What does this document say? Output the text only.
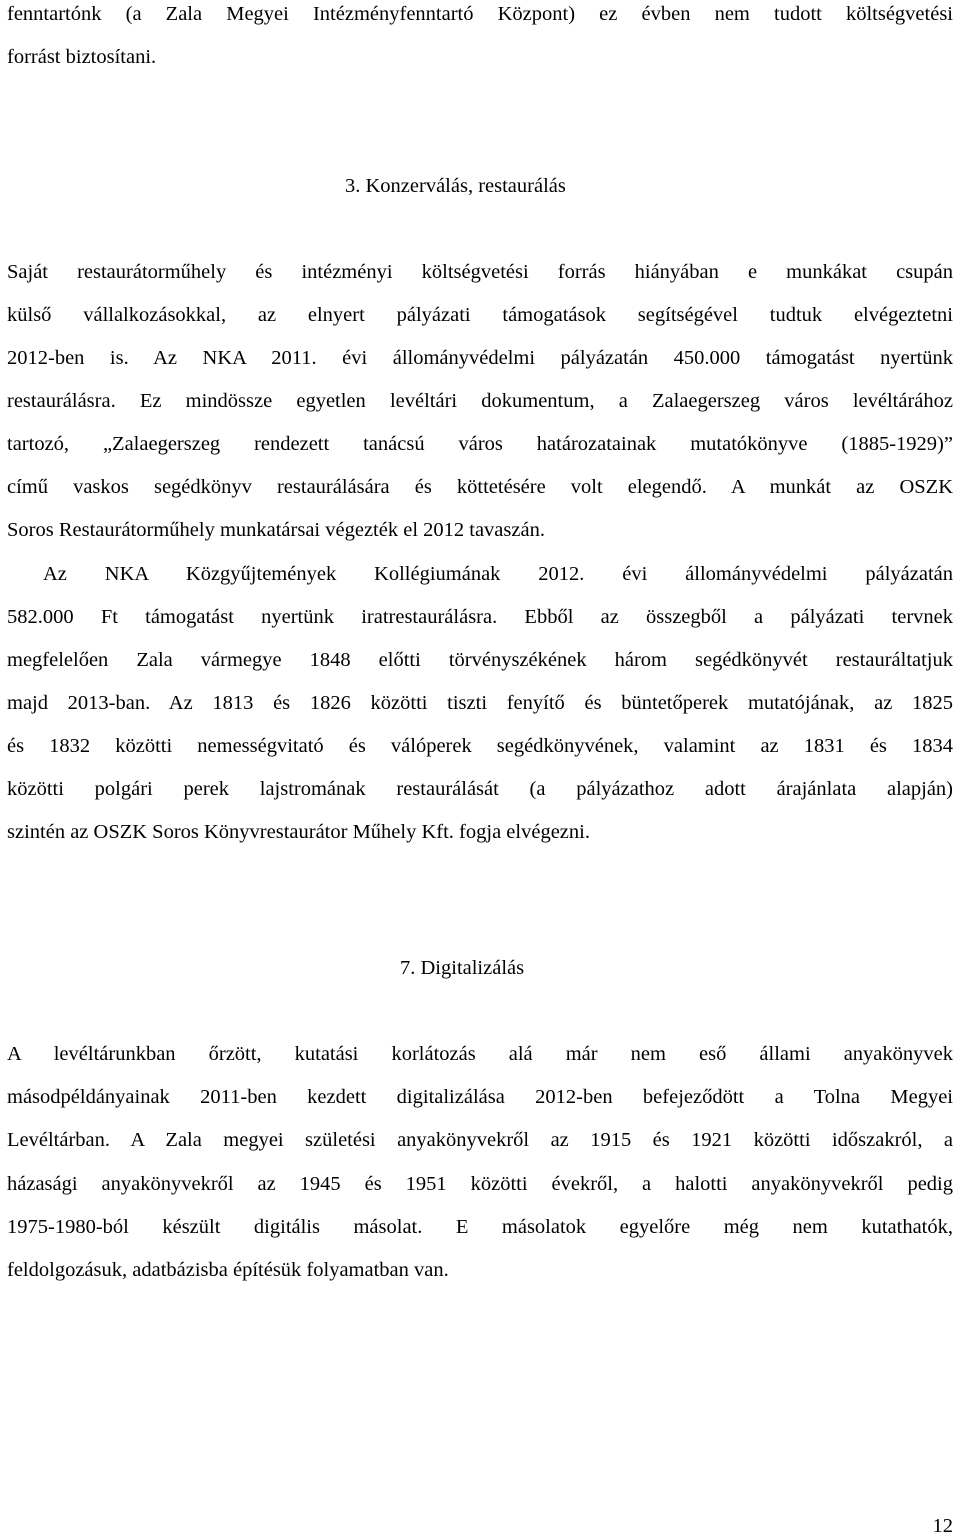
fenntartónk (a Zala Megyei Intézményfenntartó Központ) ez évben nem tudott költségvetési
forrást biztosítani.
3. Konzerválás, restaurálás
Saját restaurátorműhely és intézményi költségvetési forrás hiányában e munkákat csupán
külső vállalkozásokkal, az elnyert pályázati támogatások segítségével tudtuk elvégeztetni
2012-ben is. Az NKA 2011. évi állományvédelmi pályázatán 450.000 támogatást nyertünk
restaurálásra. Ez mindössze egyetlen levéltári dokumentum, a Zalaegerszeg város levéltárához
tartozó, „Zalaegerszeg rendezett tanácsú város határozatainak mutatókönyve (1885-1929)”
című vaskos segédkönyv restaurálására és köttetésére volt elegendő. A munkát az OSZK
Soros Restaurátorműhely munkatársai végezték el 2012 tavaszán.
Az NKA Közgyűjtemények Kollégiumának 2012. évi állományvédelmi pályázatán
582.000 Ft támogatást nyertünk iratrestaurálásra. Ebből az összegből a pályázati tervnek
megfelelően Zala vármegye 1848 előtti törvényszékének három segédkönyvét restauráltatjuk
majd 2013-ban. Az 1813 és 1826 közötti tiszti fenyítő és büntetőperek mutatójának, az 1825
és 1832 közötti nemességvitató és válóperek segédkönyvének, valamint az 1831 és 1834
közötti polgári perek lajstromának restaurálását (a pályázathoz adott árajánlata alapján)
szintén az OSZK Soros Könyvrestaurátor Műhely Kft. fogja elvégezni.
7. Digitalizálás
A levéltárunkban őrzött, kutatási korlátozás alá már nem eső állami anyakönyvek
másodpéldányainak 2011-ben kezdett digitalizálása 2012-ben befejeződött a Tolna Megyei
Levéltárban. A Zala megyei születési anyakönyvekről az 1915 és 1921 közötti időszakról, a
házasági anyakönyvekről az 1945 és 1951 közötti évekről, a halotti anyakönyvekről pedig
1975-1980-ból készült digitális másolat. E másolatok egyelőre még nem kutathatók,
feldolgozásuk, adatbázisba építésük folyamatban van.
12
